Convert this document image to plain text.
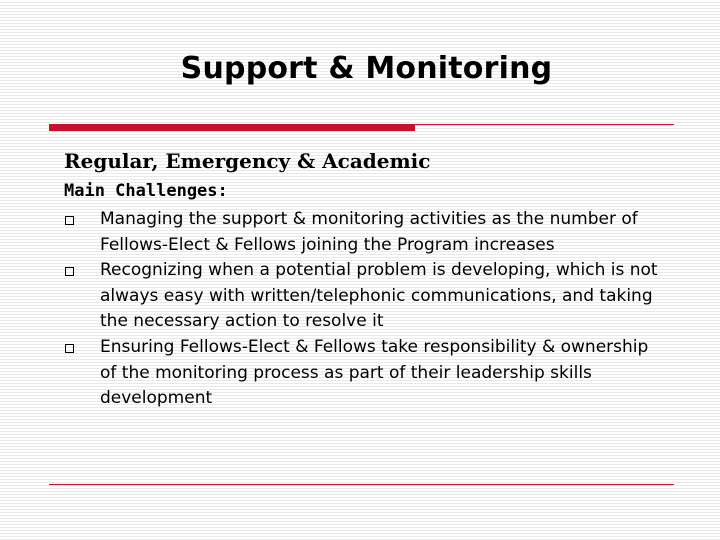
Support & Monitoring
Regular, Emergency & Academic
Main Challenges:
Managing the support & monitoring activities as the number of Fellows-Elect & Fellows joining the Program increases
Recognizing when a potential problem is developing, which is not always easy with written/telephonic communications, and taking the necessary action to resolve it
Ensuring Fellows-Elect & Fellows take responsibility & ownership of the monitoring process as part of their leadership skills development
